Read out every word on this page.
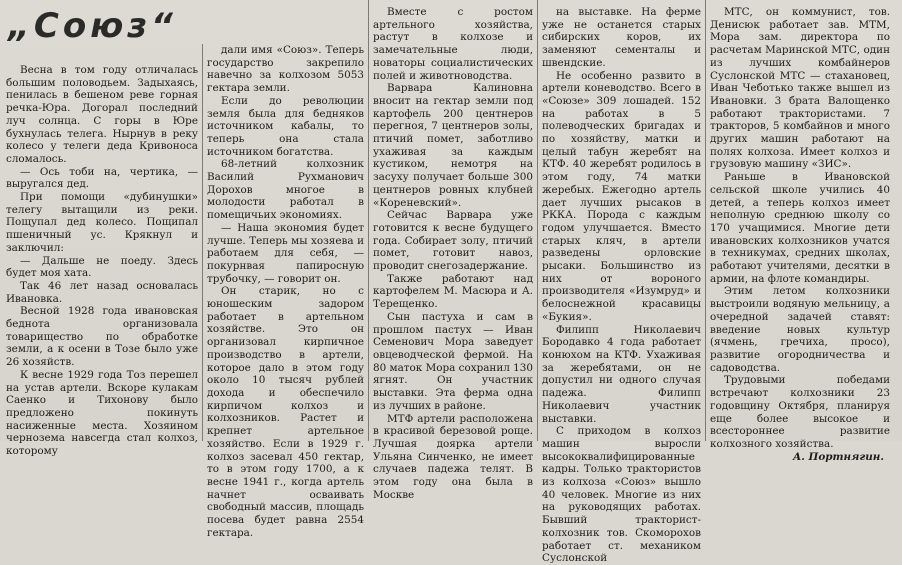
„Союз“

Весна в том году отличалась большим половодьем. Задыхаясь, пенилась в бешеном реве горная речка-Юра. Догорал последний луч солнца. С горы в Юре бухнулась телега. Нырнув в реку колесо у телеги деда Кривоноса сломалось.

— Ось тоби на, чертика, — выругался дед.

При помощи «дубинушки» телегу вытащили из реки. Пощупал дед колесо. Пощипал пшеничный ус. Крякнул и заключил:

— Дальше не поеду. Здесь будет моя хата.

Так 46 лет назад основалась Ивановка.

Весной 1928 года ивановская беднота организовала товарищество по обработке земли, а к осени в Тозе было уже 26 хозяйств.

К весне 1929 года Тоз перешел на устав артели. Вскоре кулакам Саенко и Тихонову было предложено покинуть насиженные места. Хозяином чернозема навсегда стал колхоз, которому

дали имя «Союз». Теперь государство закрепило навечно за колхозом 5053 гектара земли.

Если до революции земля была для бедняков источником кабалы, то теперь она стала источником богатства.

68-летний колхозник Василий Рухманович Дорохов многое в молодости работал в помещичьих экономиях.

— Наша экономия будет лучше. Теперь мы хозяева и работаем для себя, — покурнвая папиросную трубочку, — говорит он.

Он старик, но с юношеским задором работает в артельном хозяйстве. Это он организовал кирпичное производство в артели, которое дало в этом году около 10 тысяч рублей дохода и обеспечило кирпичом колхоз и колхозников. Растет и крепнет артельное хозяйство. Если в 1929 г. колхоз засевал 450 гектар, то в этом году 1700, а к весне 1941 г., когда артель начнет осваивать свободный массив, площадь посева будет равна 2554 гектара.

Вместе с ростом артельного хозяйства, растут в колхозе и замечательные люди, новаторы социалистических полей и животноводства.

Варвара Калиновна вносит на гектар земли под картофель 200 центнеров перегноя, 7 центнеров золы, птичий помет, заботливо ухаживая за каждым кустиком, немотря на засуху получает больше 300 центнеров ровных клубней «Кореневский».

Сейчас Варвара уже готовится к весне будущего года. Собирает золу, птичий помет, готовит навоз, проводит снегозадержание.

Также работают над картофелем М. Масюра и А. Терещенко.

Сын пастуха и сам в прошлом пастух — Иван Семенович Мора заведует овцеводческой фермой. На 80 маток Мора сохранил 130 ягнят. Он участник выставки. Эта ферма одна из лучших в районе.

МТФ артели расположена в красивой березовой роще. Лучшая доярка артели Ульяна Синченко, не имеет случаев падежа телят. В этом году она была в Москве

на выставке. На ферме уже не останется старых сибирских коров, их заменяют сементалы и швендские.

Не особенно развито в артели коневодство. Всего в «Союзе» 309 лошадей. 152 на работах в 5 полеводческих бригадах и по хозяйству, матки и целый табун жеребят на КТФ. 40 жеребят родилось в этом году, 74 матки жеребых. Ежегодно артель дает лучших рысаков в РККА. Порода с каждым годом улучшается. Вместо старых кляч, в артели разведены орловские рысаки. Большинство из них от вороного производителя «Изумруд» и белоснежной красавицы «Букия».

Филипп Николаевич Бородавко 4 года работает конюхом на КТФ. Ухаживая за жеребятами, он не допустил ни одного случая падежа. Филипп Николаевич участник выставки.

С приходом в колхоз машин выросли высококвалифицированные кадры. Только трактористов из колхоза «Союз» вышло 40 человек. Многие из них на руководящих работах. Бывший тракторист-колхозник тов. Скоморохов работает ст. механиком Суслонской

МТС, он коммунист, тов. Денисюк работает зав. МТМ, Мора зам. директора по расчетам Маринской МТС, один из лучших комбайнеров Суслонской МТС — стахановец, Иван Чеботько также вышел из Ивановки. 3 брата Валощенко работают трактористами. 7 тракторов, 5 комбайнов и много других машин работают на полях колхоза. Имеет колхоз и грузовую машину «ЗИС».

Раньше в Ивановской сельской школе учились 40 детей, а теперь колхоз имеет неполную среднюю школу со 170 учащимися. Многие дети ивановских колхозников учатся в техникумах, средних школах, работают учителями, десятки в армии, на флоте командиры.

Этим летом колхозники выстроили водяную мельницу, а очередной задачей ставят: введение новых культур (ячмень, гречиха, просо), развитие огородничества и садоводства.

Трудовыми победами встречают колхозники 23 годовщину Октября, планируя еще более высокое и всестороннее развитие колхозного хозяйства.

А. Портнягин.
